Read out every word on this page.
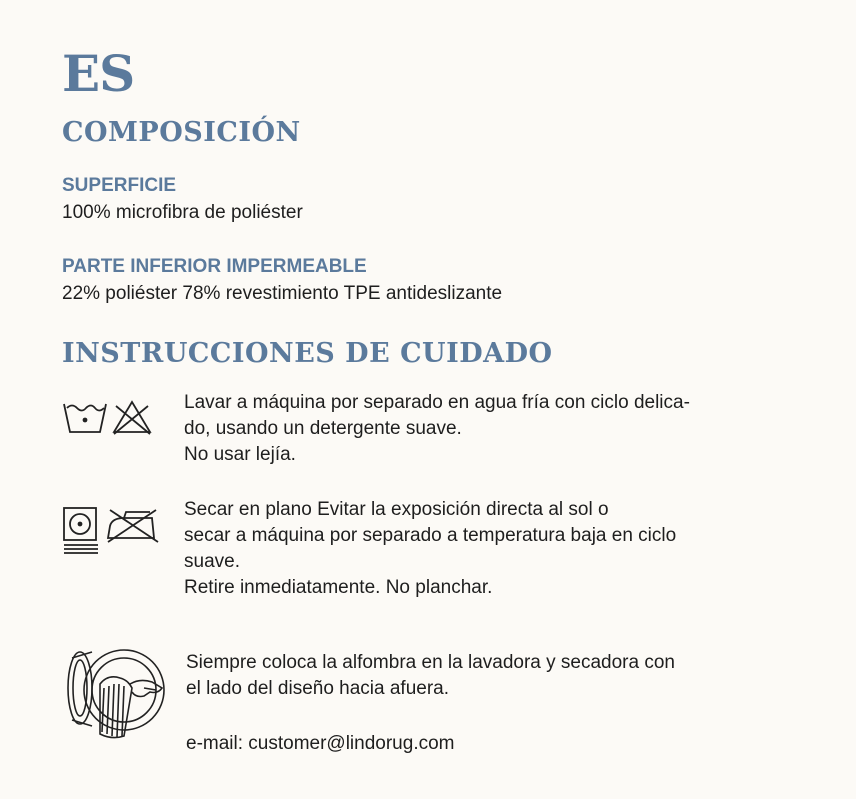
ES
COMPOSICIÓN
SUPERFICIE
100% microfibra de poliéster
PARTE INFERIOR IMPERMEABLE
22% poliéster 78% revestimiento TPE antideslizante
INSTRUCCIONES DE CUIDADO
Lavar a máquina por separado en agua fría con ciclo delica-
do, usando un detergente suave.
No usar lejía.
Secar en plano Evitar la exposición directa al sol o
secar a máquina por separado a temperatura baja en ciclo
suave.
Retire inmediatamente. No planchar.
Siempre coloca la alfombra en la lavadora y secadora con
el lado del diseño hacia afuera.
e-mail: customer@lindorug.com
